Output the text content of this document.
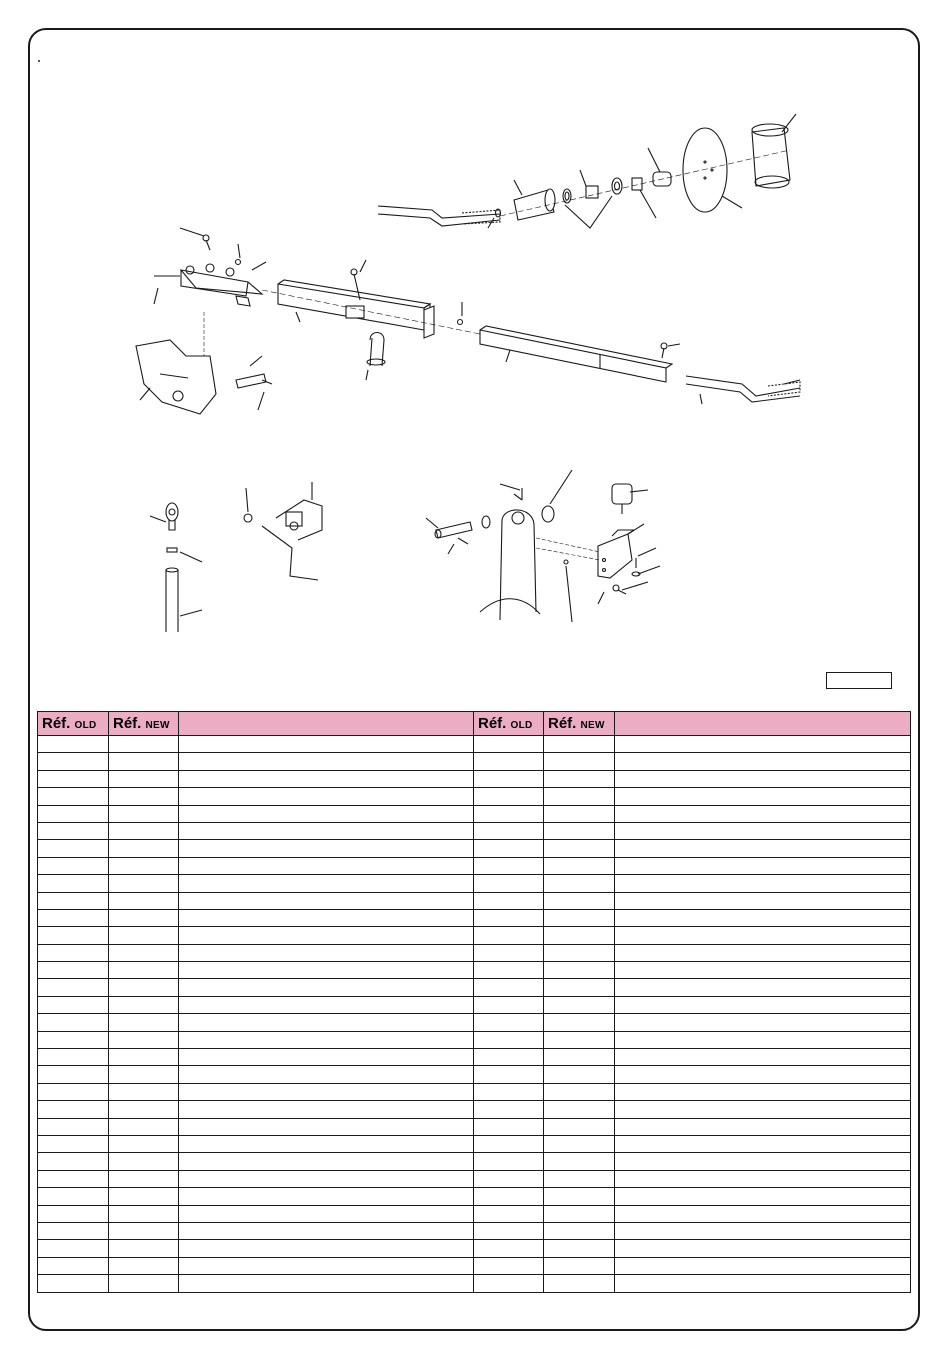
Réf. OLD	Réf. NEW		Réf. OLD	Réf. NEW	
